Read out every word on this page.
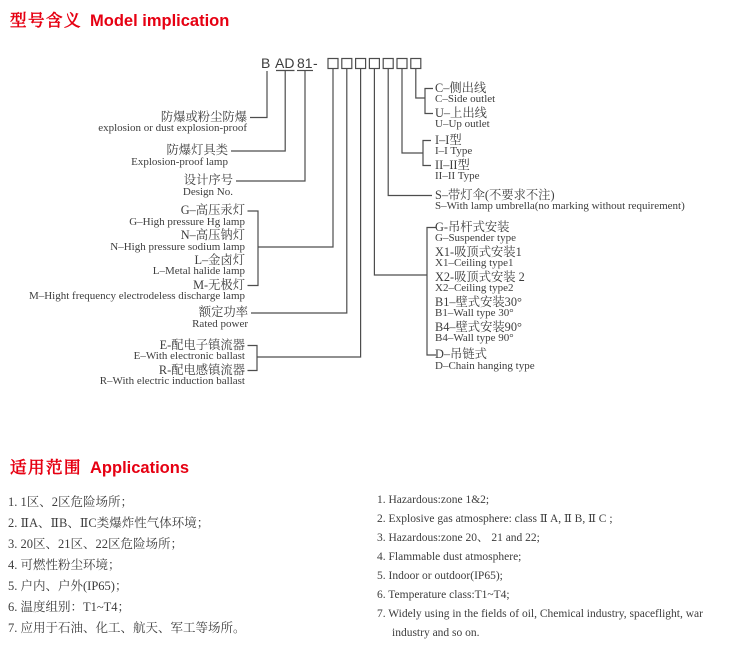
型号含义 Model implication
B AD 81 -
防爆或粉尘防爆
explosion or dust explosion-proof
防爆灯具类
Explosion-proof lamp
设计序号
Design No.
G–高压汞灯
G–High pressure Hg lamp
N–高压钠灯
N–High pressure sodium lamp
L–金卤灯
L–Metal halide lamp
M-无极灯
M–Hight frequency electrodeless discharge lamp
额定功率
Rated power
E-配电子镇流器
E–With electronic ballast
R-配电感镇流器
R–With electric induction ballast
C–侧出线
C–Side outlet
U–上出线
U–Up outlet
I–I型
I–I Type
II–II型
II–II Type
S–带灯伞(不要求不注)
S–With lamp umbrella(no marking without requirement)
G-吊杆式安装
G–Suspender type
X1-吸顶式安装1
X1–Ceiling type1
X2-吸顶式安装 2
X2–Ceiling type2
B1–壁式安装30°
B1–Wall type 30°
B4–壁式安装90°
B4–Wall type 90°
D–吊链式
D–Chain hanging type
适用范围 Applications
1. 1区、2区危险场所；
2. ⅡA、ⅡB、ⅡC类爆炸性气体环境；
3. 20区、21区、22区危险场所；
4. 可燃性粉尘环境；
5. 户内、户外(IP65)；
6. 温度组别：T1~T4；
7. 应用于石油、化工、航天、军工等场所。
1. Hazardous:zone 1&2;
2. Explosive gas atmosphere: class Ⅱ A, Ⅱ B, Ⅱ C ;
3. Hazardous:zone 20、 21 and 22;
4. Flammable dust atmosphere;
5. Indoor or outdoor(IP65);
6. Temperature class:T1~T4;
7. Widely using in the fields of oil, Chemical industry, spaceflight, war industry and so on.
